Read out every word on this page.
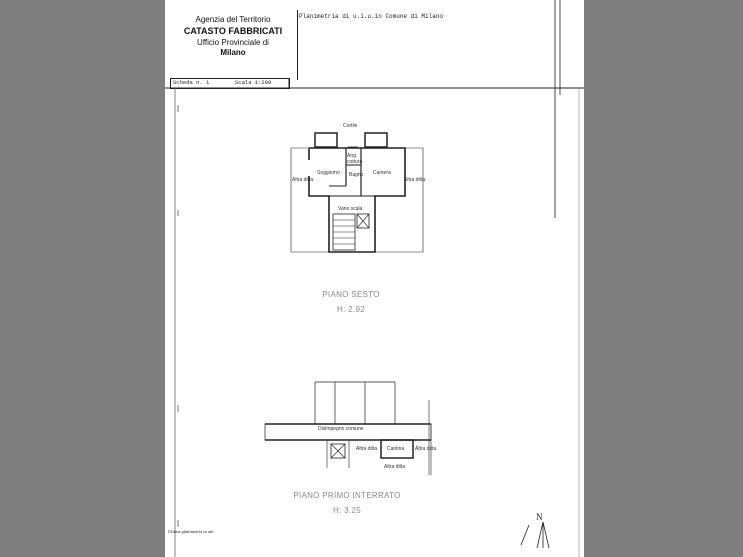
Agenzia del Territorio
CATASTO FABBRICATI
Ufficio Provinciale di
Milano
Planimetria di u.i.u.in Comune di Milano
Scheda n. 1	Scala 1:200
Cortile
Ang. cottura
Soggiorno Bagno Camera
Altra ditta	Altra ditta
Vano scala
PIANO SESTO
H: 2.92
Disimpegno comune
Altra ditta Cantina Altra ditta
Altra ditta
PIANO PRIMO INTERRATO
H: 3.25
Ultima planimetria in atti
N
